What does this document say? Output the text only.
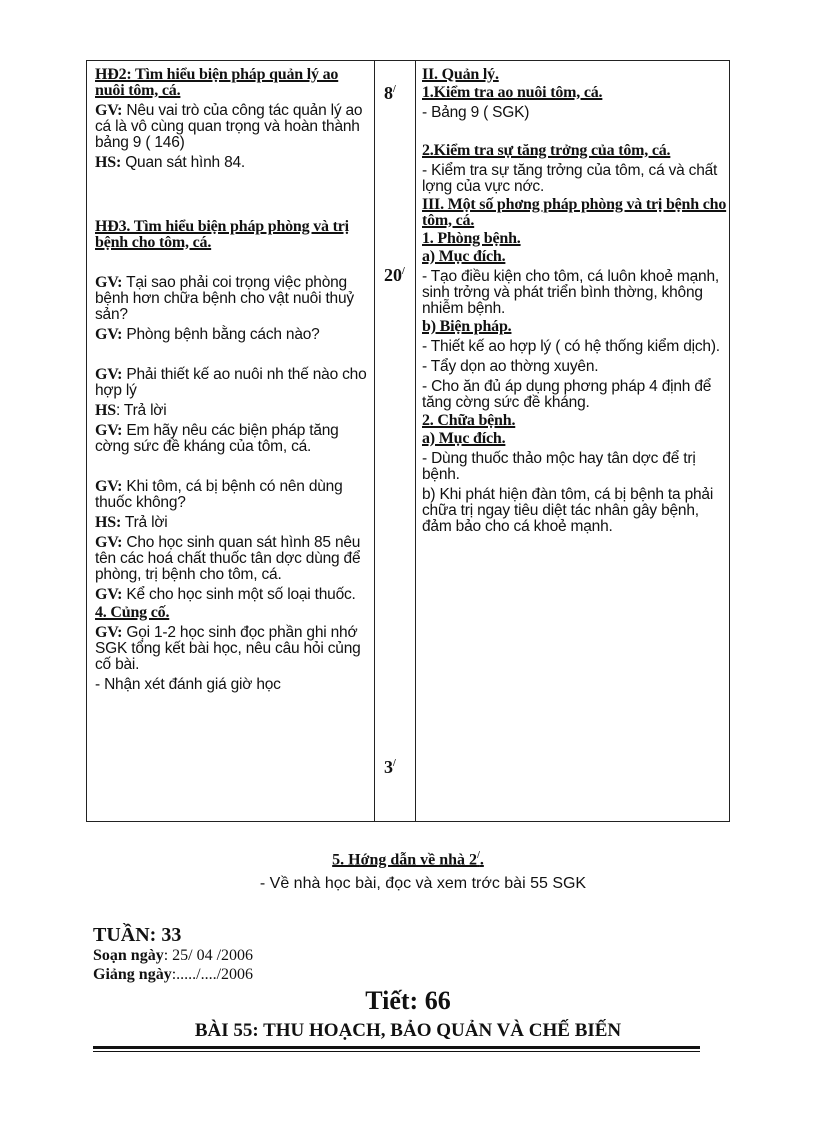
HĐ2: Tìm hiểu biện pháp quản lý ao nuôi tôm, cá.

GV: Nêu vai trò của công tác quản lý ao cá là vô cùng quan trọng và hoàn thành bảng 9 ( 146)

HS: Quan sát hình 84.

HĐ3. Tìm hiểu biện pháp phòng và trị bệnh cho tôm, cá.

GV: Tại sao phải coi trọng việc phòng bệnh hơn chữa bệnh cho vật nuôi thuỷ sản?

GV: Phòng bệnh bằng cách nào?

GV: Phải thiết kế ao nuôi nh thế nào cho hợp lý

HS: Trả lời

GV: Em hãy nêu các biện pháp tăng cờng sức đề kháng của tôm, cá.

GV: Khi tôm, cá bị bệnh có nên dùng thuốc không?

HS: Trả lời

GV: Cho học sinh quan sát hình 85 nêu tên các hoá chất thuốc tân dợc dùng để phòng, trị bệnh cho tôm, cá.

GV: Kể cho học sinh một số loại thuốc.

4. Củng cố.

GV: Gọi 1-2 học sinh đọc phần ghi nhớ SGK tổng kết bài học, nêu câu hỏi củng cố bài.

- Nhận xét đánh giá giờ học

8/
20/
3/

II. Quản lý.

1.Kiểm tra ao nuôi tôm, cá.

- Bảng 9 ( SGK)

2.Kiểm tra sự tăng trởng của tôm, cá.

- Kiểm tra sự tăng trởng của tôm, cá và chất lợng của vực nớc.

III. Một số phơng pháp phòng và trị bệnh cho tôm, cá.

1. Phòng bệnh.

a) Mục đích.

- Tạo điều kiện cho tôm, cá luôn khoẻ mạnh, sinh trởng và phát triển bình thờng, không nhiễm bệnh.

b) Biện pháp.

- Thiết kế ao hợp lý ( có hệ thống kiểm dịch).

- Tẩy dọn ao thờng xuyên.

- Cho ăn đủ áp dụng phơng pháp 4 định để tăng cờng sức đề kháng.

2. Chữa bệnh.

a) Mục đích.

- Dùng thuốc thảo mộc hay tân dợc để trị bệnh.

b) Khi phát hiện đàn tôm, cá bị bệnh ta phải chữa trị ngay tiêu diệt tác nhân gây bệnh, đảm bảo cho cá khoẻ mạnh.

5. Hớng dẫn về nhà 2/.

- Về nhà học bài, đọc và xem trớc bài 55 SGK

TUẦN: 33

Soạn ngày: 25/ 04 /2006

Giảng ngày:...../..../2006

Tiết: 66
BÀI 55: THU HOẠCH, BẢO QUẢN VÀ CHẾ BIẾN
